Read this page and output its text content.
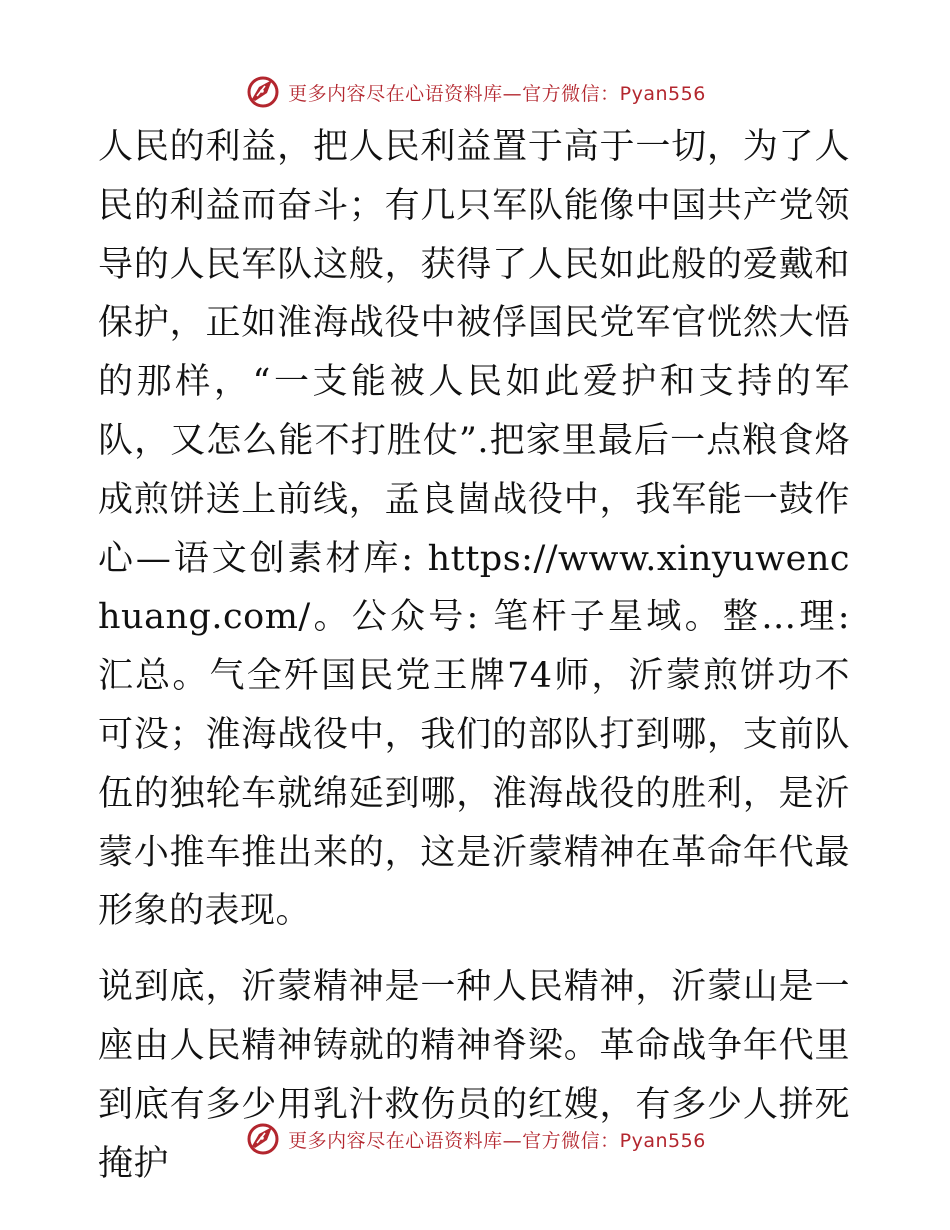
更多内容尽在心语资料库—官方微信：Pyan556

人民的利益，把人民利益置于高于一切，为了人民的利益而奋斗；有几只军队能像中国共产党领导的人民军队这般，获得了人民如此般的爱戴和保护，正如淮海战役中被俘国民党军官恍然大悟的那样，“一支能被人民如此爱护和支持的军队，又怎么能不打胜仗”.把家里最后一点粮食烙成煎饼送上前线，孟良崮战役中，我军能一鼓作心—语文创素材库: https://www.xinyuwenchuang.com/。公众号: 笔杆子星域。整…理: 汇总。气全歼国民党王牌74师，沂蒙煎饼功不可没；淮海战役中，我们的部队打到哪，支前队伍的独轮车就绵延到哪，淮海战役的胜利，是沂蒙小推车推出来的，这是沂蒙精神在革命年代最形象的表现。

说到底，沂蒙精神是一种人民精神，沂蒙山是一座由人民精神铸就的精神脊梁。革命战争年代里到底有多少用乳汁救伤员的红嫂，有多少人拼死掩护

更多内容尽在心语资料库—官方微信：Pyan556
